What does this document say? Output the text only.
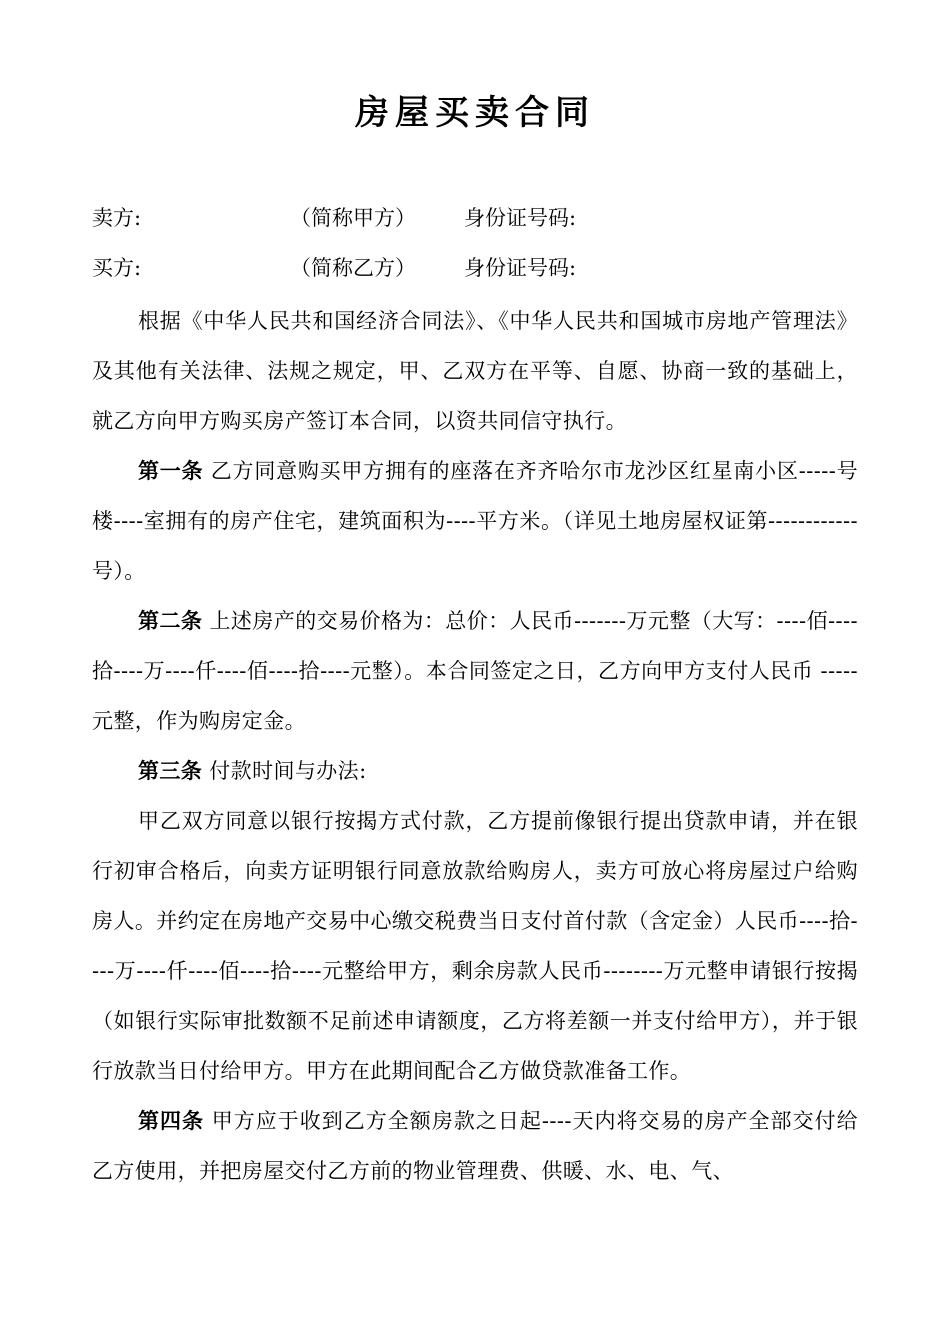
房屋买卖合同
卖方:	（简称甲方） 身份证号码:
买方:	（简称乙方） 身份证号码:

根据《中华人民共和国经济合同法》、《中华人民共和国城市房地产管理法》及其他有关法律、法规之规定，甲、乙双方在平等、自愿、协商一致的基础上，就乙方向甲方购买房产签订本合同，以资共同信守执行。

第一条 乙方同意购买甲方拥有的座落在齐齐哈尔市龙沙区红星南小区-----号楼----室拥有的房产住宅，建筑面积为----平方米。（详见土地房屋权证第------------号）。

第二条 上述房产的交易价格为：总价：人民币-------万元整（大写：----佰----拾----万----仟----佰----拾----元整）。本合同签定之日，乙方向甲方支付人民币 -----元整，作为购房定金。

第三条 付款时间与办法:

甲乙双方同意以银行按揭方式付款，乙方提前像银行提出贷款申请，并在银行初审合格后，向卖方证明银行同意放款给购房人，卖方可放心将房屋过户给购房人。并约定在房地产交易中心缴交税费当日支付首付款（含定金）人民币----拾----万----仟----佰----拾----元整给甲方，剩余房款人民币--------万元整申请银行按揭（如银行实际审批数额不足前述申请额度，乙方将差额一并支付给甲方），并于银行放款当日付给甲方。甲方在此期间配合乙方做贷款准备工作。

第四条 甲方应于收到乙方全额房款之日起----天内将交易的房产全部交付给乙方使用，并把房屋交付乙方前的物业管理费、供暖、水、电、气、
